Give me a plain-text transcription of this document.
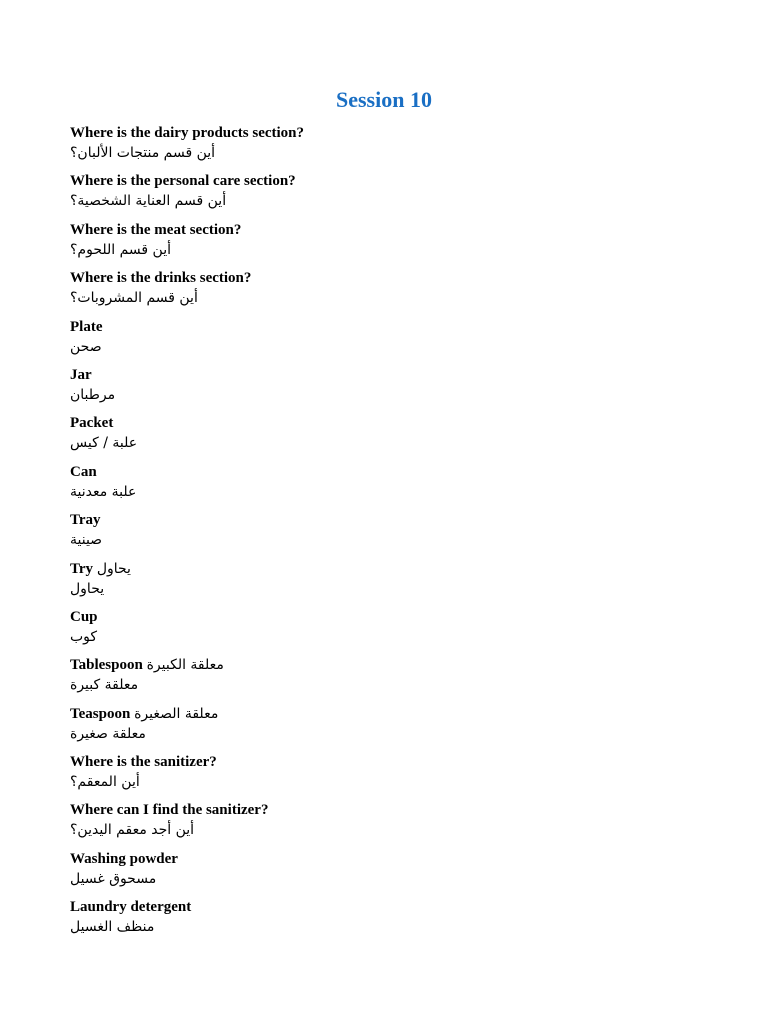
Session 10
Where is the dairy products section?
أين قسم منتجات الألبان؟
Where is the personal care section?
أين قسم العناية الشخصية؟
Where is the meat section?
أين قسم اللحوم؟
Where is the drinks section?
أين قسم المشروبات؟
Plate
صحن
Jar
مرطبان
Packet
علبة / كيس
Can
علبة معدنية
Tray
صينية
Try يحاول
يحاول
Cup
كوب
Tablespoon معلقة الكبيرة
معلقة كبيرة
Teaspoon معلقة الصغيرة
معلقة صغيرة
Where is the sanitizer?
أين المعقم؟
Where can I find the sanitizer?
أين أجد معقم اليدين؟
Washing powder
مسحوق غسيل
Laundry detergent
منظف الغسيل
